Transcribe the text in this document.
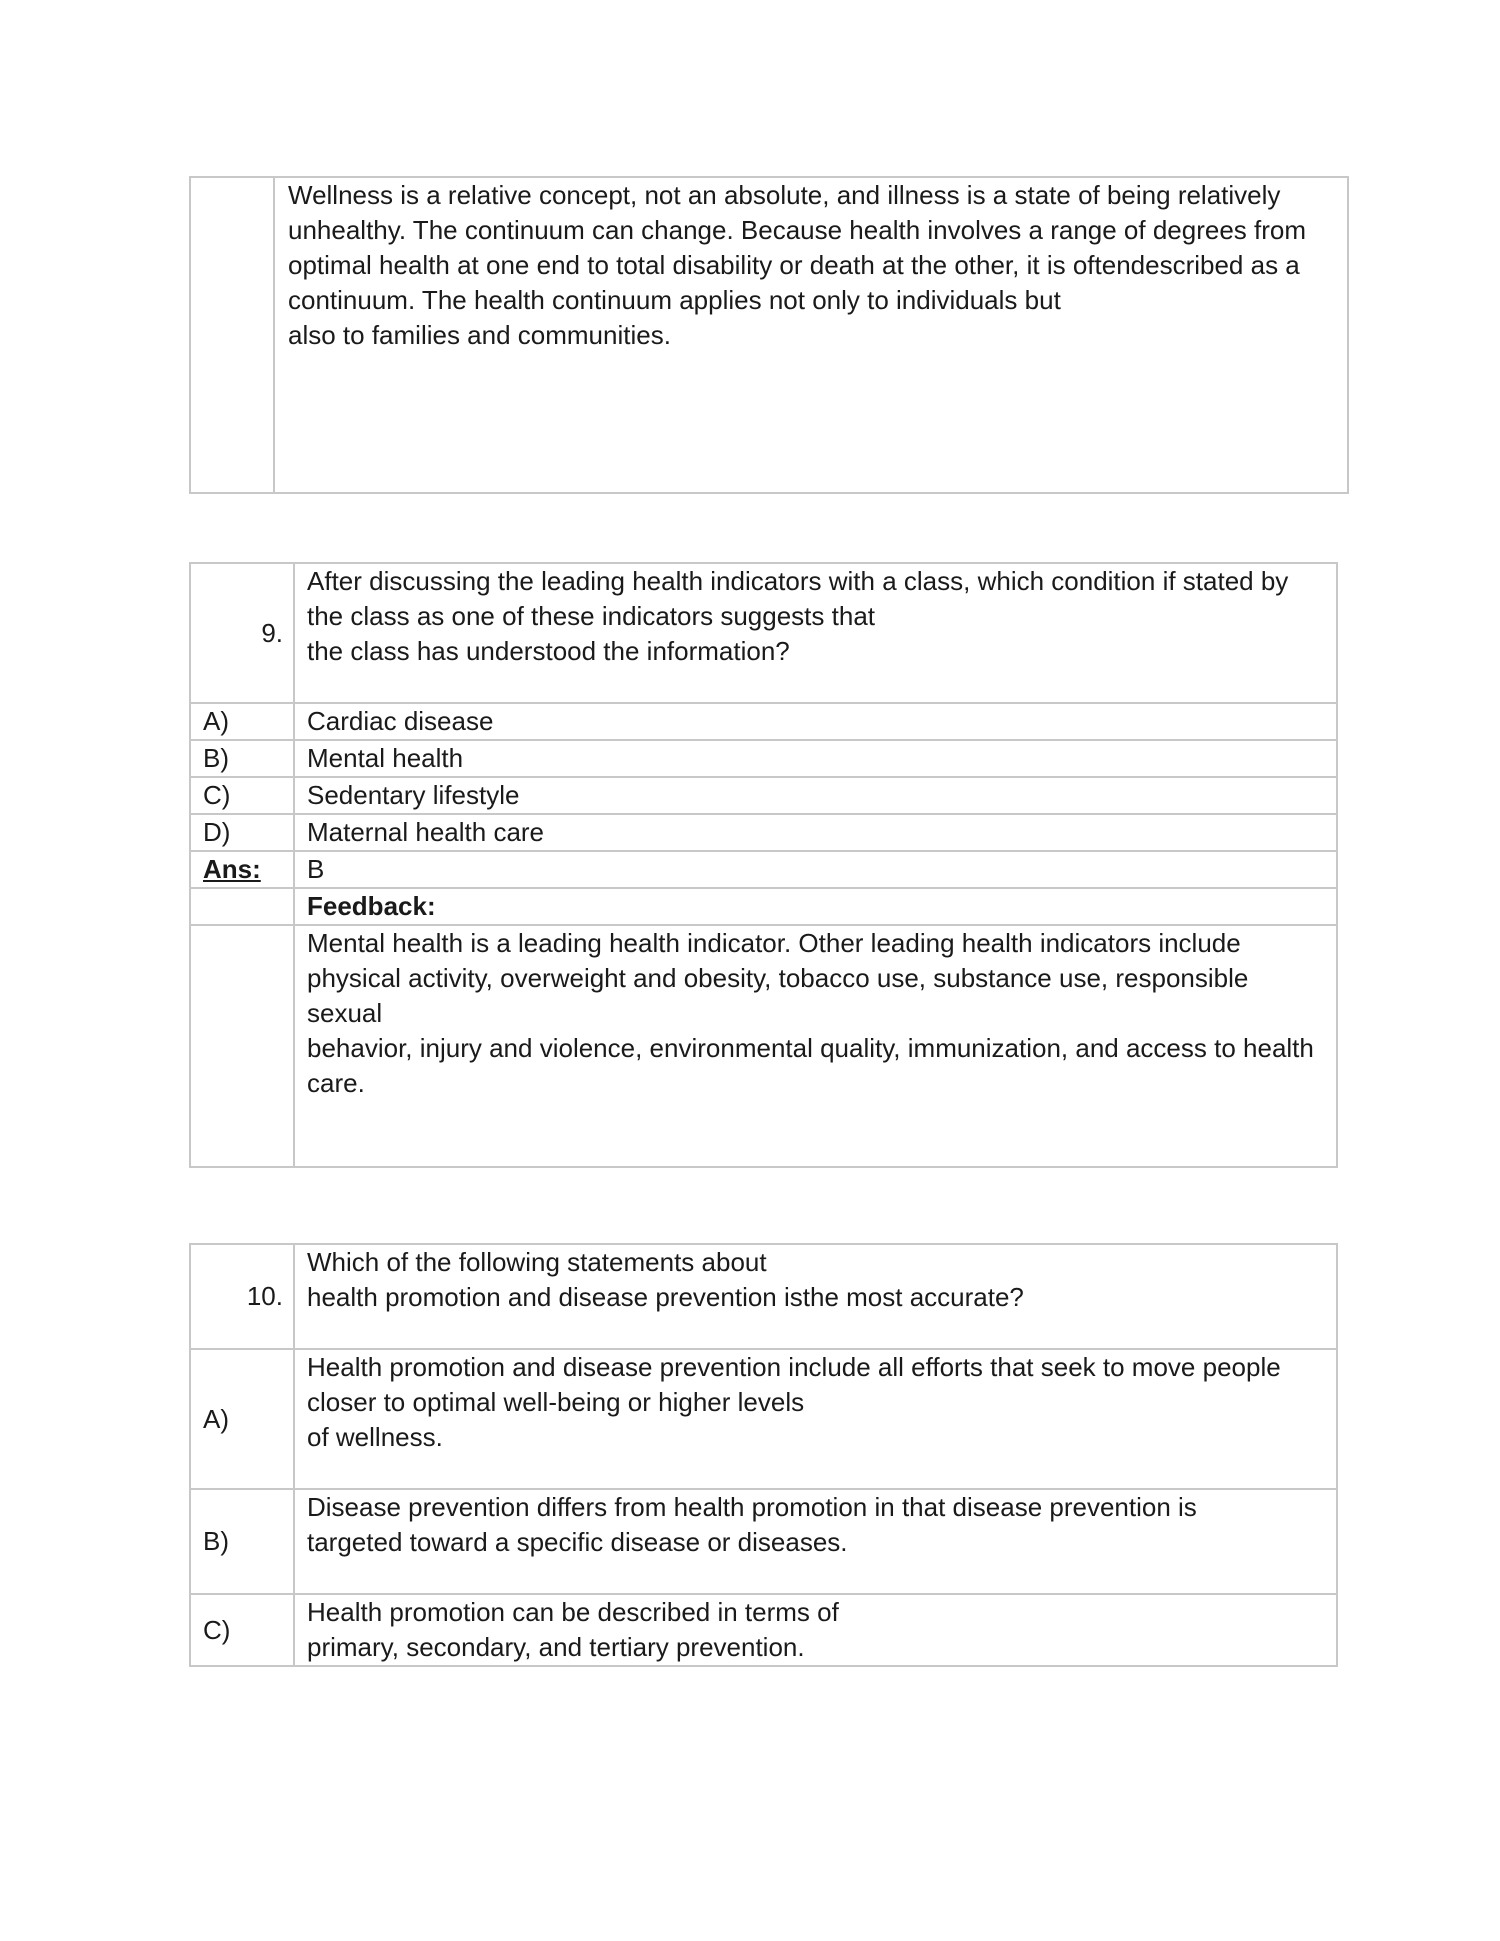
Wellness is a relative concept, not an absolute, and illness is a state of being relatively
unhealthy. The continuum can change. Because health involves a range of degrees from
optimal health at one end to total disability or death at the other, it is oftendescribed as a
continuum. The health continuum applies not only to individuals but
also to families and communities.
9.	After discussing the leading health indicators with a class, which condition if stated by
the class as one of these indicators suggests that
the class has understood the information?

A)	Cardiac disease
B)	Mental health
C)	Sedentary lifestyle
D)	Maternal health care
Ans:	B
	Feedback:

	Mental health is a leading health indicator. Other leading health indicators include
physical activity, overweight and obesity, tobacco use, substance use, responsible sexual
behavior, injury and violence, environmental quality, immunization, and access to health
care.
10.	Which of the following statements about
health promotion and disease prevention isthe most accurate?

A)	Health promotion and disease prevention include all efforts that seek to move people
closer to optimal well-being or higher levels
of wellness.

B)	Disease prevention differs from health promotion in that disease prevention is
targeted toward a specific disease or diseases.

C)	Health promotion can be described in terms of
primary, secondary, and tertiary prevention.
